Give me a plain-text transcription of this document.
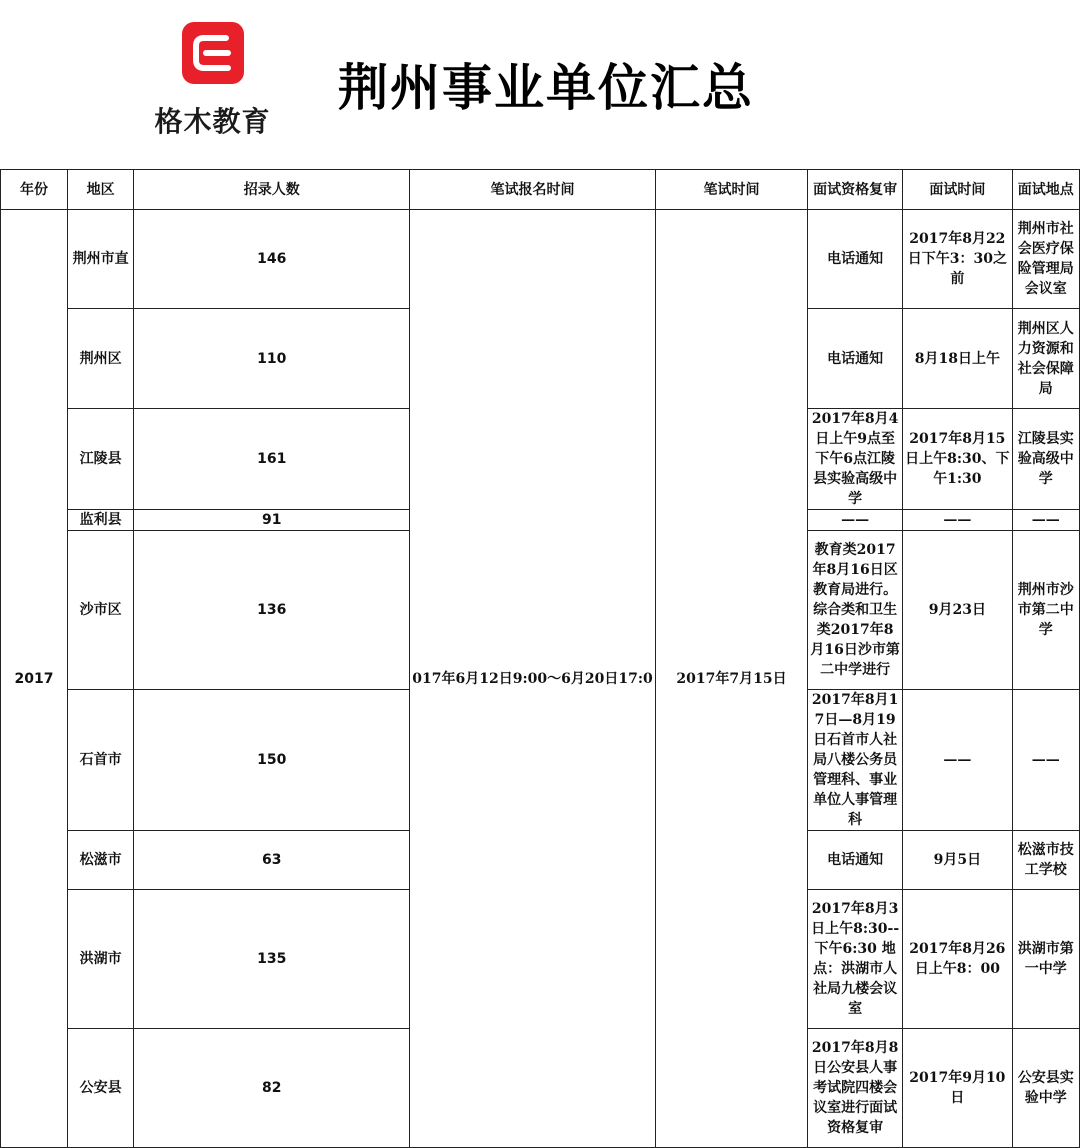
格木教育
荆州事业单位汇总
年份	地区	招录人数	笔试报名时间	笔试时间	面试资格复审	面试时间	面试地点
2017	荆州市直	146	017年6月12日9:00～6月20日17:0	2017年7月15日	电话通知	2017年8月22日下午3：30之前	荆州市社会医疗保险管理局会议室
	荆州区	110			电话通知	8月18日上午	荆州区人力资源和社会保障局
	江陵县	161			2017年8月4日上午9点至下午6点江陵县实验高级中学	2017年8月15日上午8:30、下午1:30	江陵县实验高级中学
	监利县	91			——	——	——
	沙市区	136			教育类2017年8月16日区教育局进行。综合类和卫生类2017年8月16日沙市第二中学进行	9月23日	荆州市沙市第二中学
	石首市	150			2017年8月17日—8月19日石首市人社局八楼公务员管理科、事业单位人事管理科	——	——
	松滋市	63			电话通知	9月5日	松滋市技工学校
	洪湖市	135			2017年8月3日上午8:30--下午6:30 地点：洪湖市人社局九楼会议室	2017年8月26日上午8：00	洪湖市第一中学
	公安县	82			2017年8月8日公安县人事考试院四楼会议室进行面试资格复审	2017年9月10日	公安县实验中学
